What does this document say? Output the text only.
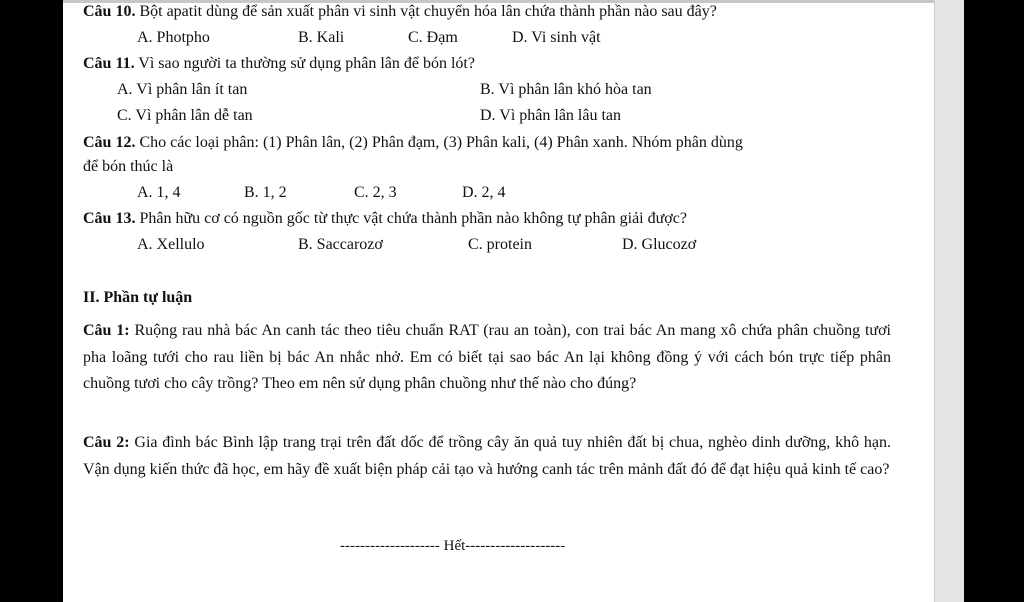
Câu 10. Bột apatit dùng để sản xuất phân vi sinh vật chuyển hóa lân chứa thành phần nào sau đây?
A. Photpho	B. Kali	C. Đạm	D. Vi sinh vật
Câu 11. Vì sao người ta thường sử dụng phân lân để bón lót?
A. Vì phân lân ít tan	B. Vì phân lân khó hòa tan
C. Vì phân lân dễ tan	D. Vì phân lân lâu tan
Câu 12. Cho các loại phân: (1) Phân lân, (2) Phân đạm, (3) Phân kali, (4) Phân xanh. Nhóm phân dùng
để bón thúc là
A. 1, 4	B. 1, 2	C. 2, 3	D. 2, 4
Câu 13. Phân hữu cơ có nguồn gốc từ thực vật chứa thành phần nào không tự phân giải được?
A. Xellulo	B. Saccarozơ	C. protein	D. Glucozơ
II. Phần tự luận
Câu 1: Ruộng rau nhà bác An canh tác theo tiêu chuẩn RAT (rau an toàn), con trai bác An mang xô chứa phân chuồng tươi pha loãng tưới cho rau liền bị bác An nhắc nhở. Em có biết tại sao bác An lại không đồng ý với cách bón trực tiếp phân chuồng tươi cho cây trồng? Theo em nên sử dụng phân chuồng như thế nào cho đúng?
Câu 2: Gia đình bác Bình lập trang trại trên đất dốc để trồng cây ăn quả tuy nhiên đất bị chua, nghèo dinh dưỡng, khô hạn. Vận dụng kiến thức đã học, em hãy đề xuất biện pháp cải tạo và hướng canh tác trên mảnh đất đó để đạt hiệu quả kinh tế cao?
-------------------- Hết--------------------
